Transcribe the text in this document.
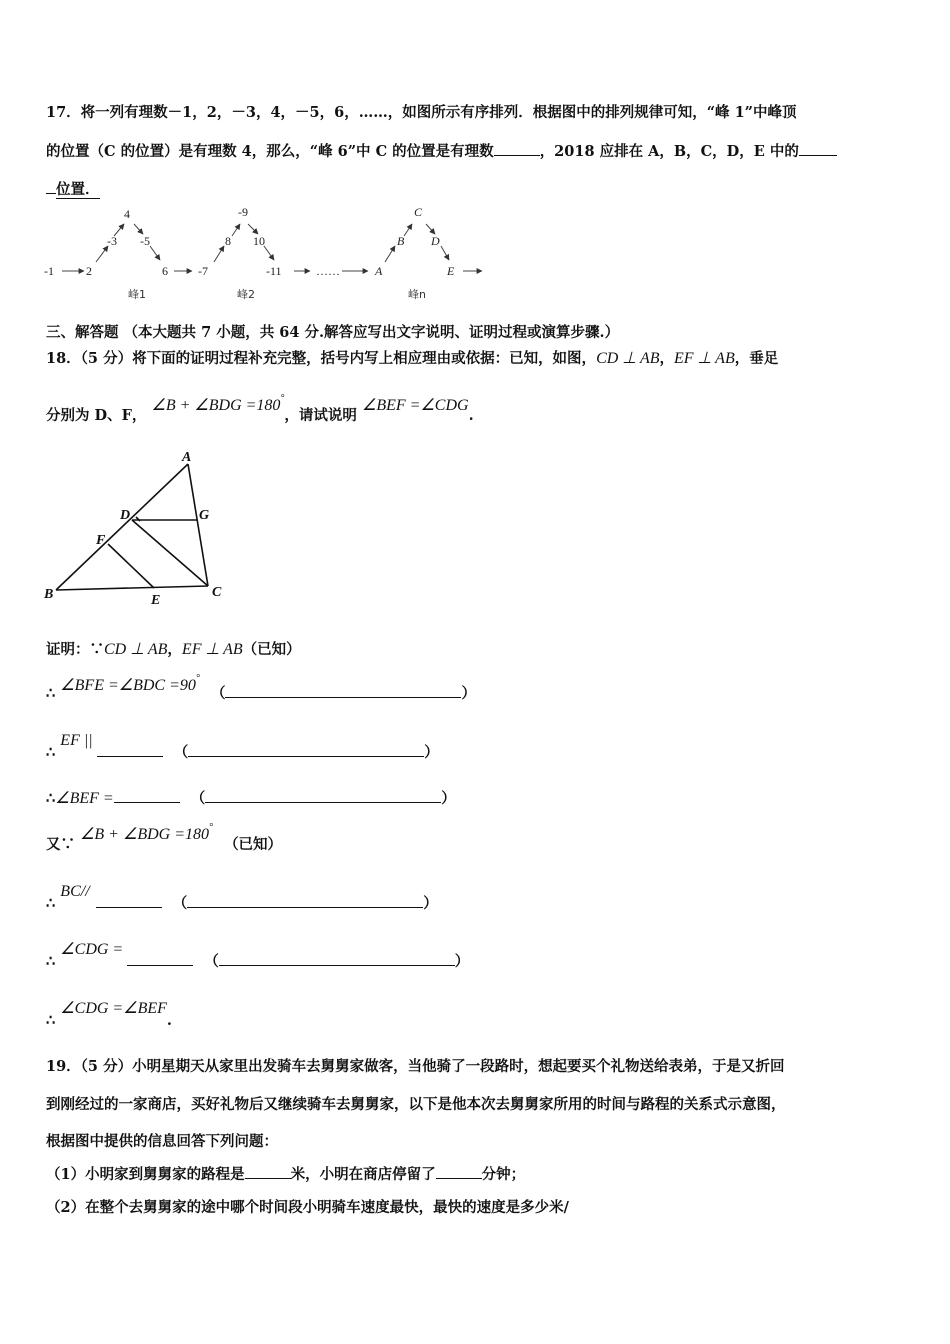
17．将一列有理数－1，2，－3，4，－5，6，……，如图所示有序排列．根据图中的排列规律可知，“峰 1”中峰顶
的位置（C 的位置）是有理数 4，那么，“峰 6”中 C 的位置是有理数	，2018 应排在 A，B，C，D，E 中的
位置．
-1	2
-3
4
-5
6	-7
8
-9
10
-11	……	A
B
C
D
E
峰1	峰2	峰n
三、解答题 （本大题共 7 小题，共 64 分.解答应写出文字说明、证明过程或演算步骤.）
18．（5 分）将下面的证明过程补充完整，括号内写上相应理由或依据：已知，如图，CD ⊥ AB，EF ⊥ AB，垂足
分别为 D、F， ∠B + ∠BDG =180°，请试说明 ∠BEF =∠CDG.
A
D	G
F
B	E
C
证明：∵CD ⊥ AB，EF ⊥ AB（已知）
∴ ∠BFE =∠BDC =90° （	）
∴ EF || （	）
∴∠BEF =	（	）
又∵ ∠B + ∠BDG =180° （已知）
∴ BC// （	）
∴ ∠CDG = （	）
∴ ∠CDG =∠BEF.
19．（5 分）小明星期天从家里出发骑车去舅舅家做客，当他骑了一段路时，想起要买个礼物送给表弟，于是又折回
到刚经过的一家商店，买好礼物后又继续骑车去舅舅家，以下是他本次去舅舅家所用的时间与路程的关系式示意图，
根据图中提供的信息回答下列问题：
（1）小明家到舅舅家的路程是	米，小明在商店停留了	分钟；
（2）在整个去舅舅家的途中哪个时间段小明骑车速度最快，最快的速度是多少米/
